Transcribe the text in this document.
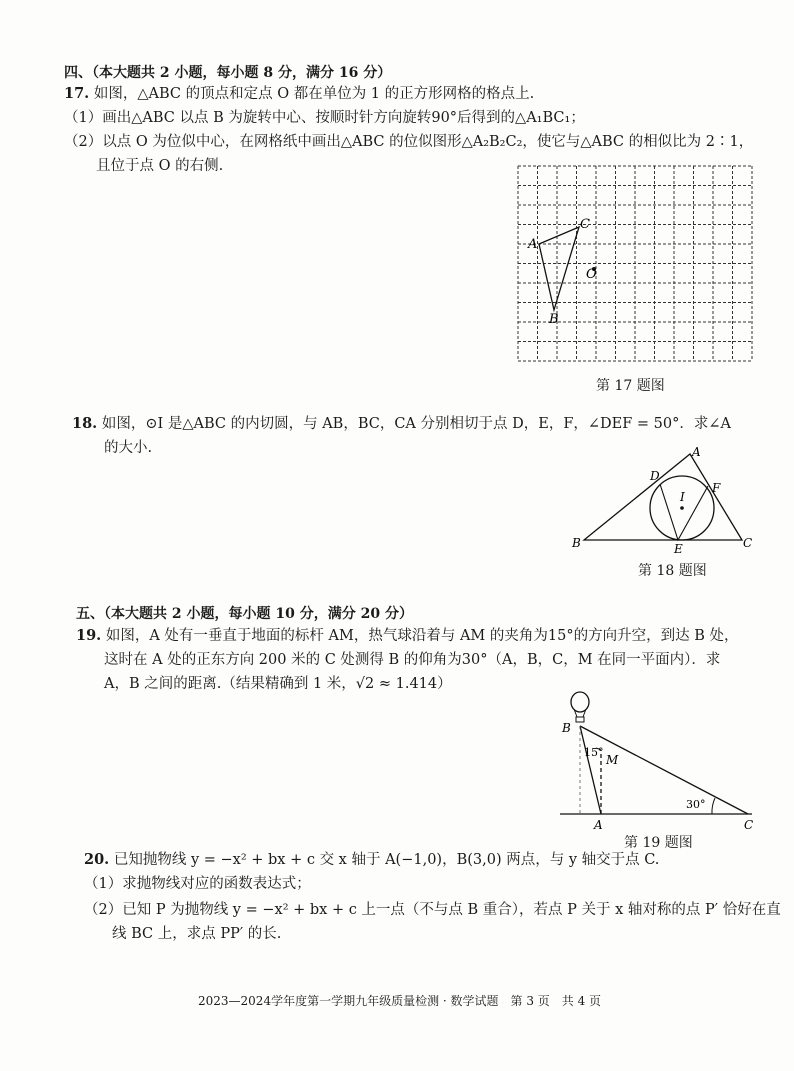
四、（本大题共 2 小题，每小题 8 分，满分 16 分）
17. 如图，△ABC 的顶点和定点 O 都在单位为 1 的正方形网格的格点上.
（1）画出△ABC 以点 B 为旋转中心、按顺时针方向旋转90°后得到的△A₁BC₁；
（2）以点 O 为位似中心，在网格纸中画出△ABC 的位似图形△A₂B₂C₂，使它与△ABC 的相似比为 2∶1，
且位于点 O 的右侧.
A
C
B
O
第 17 题图
18. 如图，⊙I 是△ABC 的内切圆，与 AB，BC，CA 分别相切于点 D，E，F，∠DEF = 50°．求∠A
的大小.	A
B	C
D
E
F
I
第 18 题图
五、（本大题共 2 小题，每小题 10 分，满分 20 分）
19. 如图，A 处有一垂直于地面的标杆 AM，热气球沿着与 AM 的夹角为15°的方向升空，到达 B 处，
这时在 A 处的正东方向 200 米的 C 处测得 B 的仰角为30°（A，B，C，M 在同一平面内）．求
A，B 之间的距离.（结果精确到 1 米，√2 ≈ 1.414）
B
A	C
M
15°
30°
第 19 题图
20. 已知抛物线 y = −x² + bx + c 交 x 轴于 A(−1,0)，B(3,0) 两点，与 y 轴交于点 C.
（1）求抛物线对应的函数表达式；
（2）已知 P 为抛物线 y = −x² + bx + c 上一点（不与点 B 重合），若点 P 关于 x 轴对称的点 P′ 恰好在直
线 BC 上，求点 PP′ 的长.
2023—2024学年度第一学期九年级质量检测 · 数学试题　第 3 页　共 4 页
